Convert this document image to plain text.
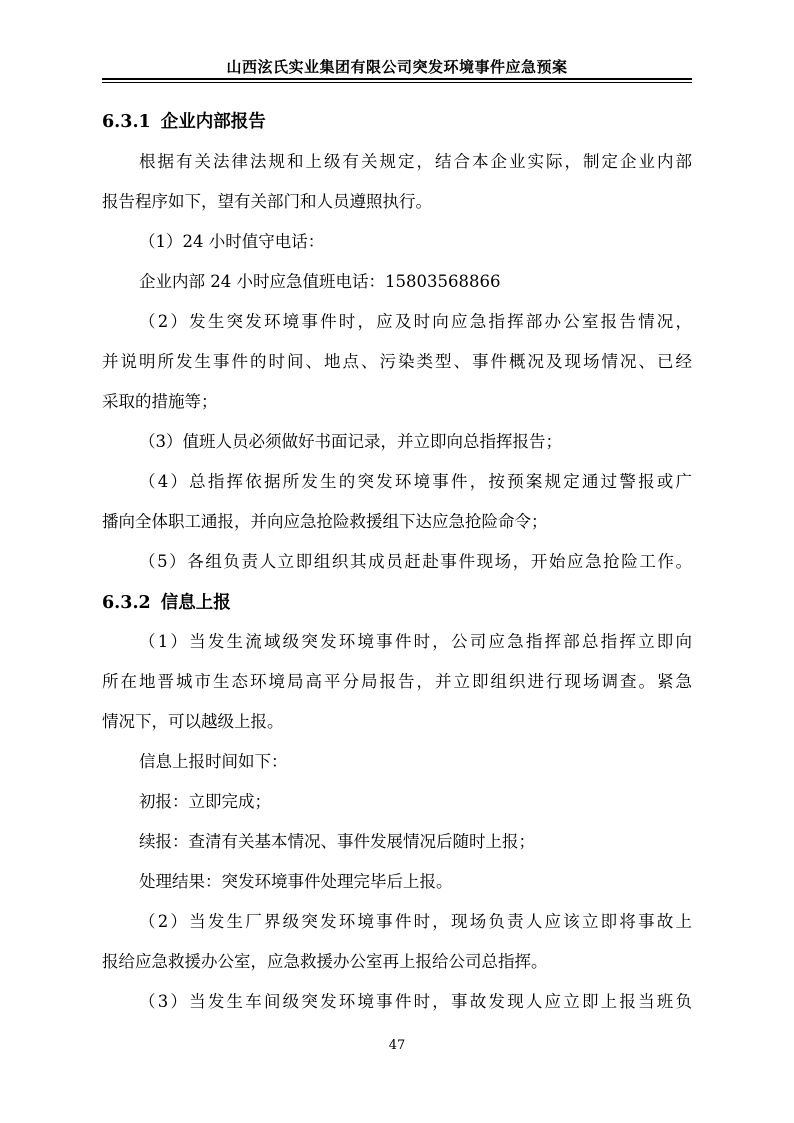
山西泫氏实业集团有限公司突发环境事件应急预案
6.3.1 企业内部报告
根据有关法律法规和上级有关规定，结合本企业实际，制定企业内部
报告程序如下，望有关部门和人员遵照执行。
（1）24 小时值守电话：
企业内部 24 小时应急值班电话：15803568866
（2）发生突发环境事件时，应及时向应急指挥部办公室报告情况，
并说明所发生事件的时间、地点、污染类型、事件概况及现场情况、已经
采取的措施等；
（3）值班人员必须做好书面记录，并立即向总指挥报告；
（4）总指挥依据所发生的突发环境事件，按预案规定通过警报或广
播向全体职工通报，并向应急抢险救援组下达应急抢险命令；
（5）各组负责人立即组织其成员赶赴事件现场，开始应急抢险工作。
6.3.2 信息上报
（1）当发生流域级突发环境事件时，公司应急指挥部总指挥立即向
所在地晋城市生态环境局高平分局报告，并立即组织进行现场调查。紧急
情况下，可以越级上报。
信息上报时间如下：
初报：立即完成；
续报：查清有关基本情况、事件发展情况后随时上报；
处理结果：突发环境事件处理完毕后上报。
（2）当发生厂界级突发环境事件时，现场负责人应该立即将事故上
报给应急救援办公室，应急救援办公室再上报给公司总指挥。
（3）当发生车间级突发环境事件时，事故发现人应立即上报当班负
47
